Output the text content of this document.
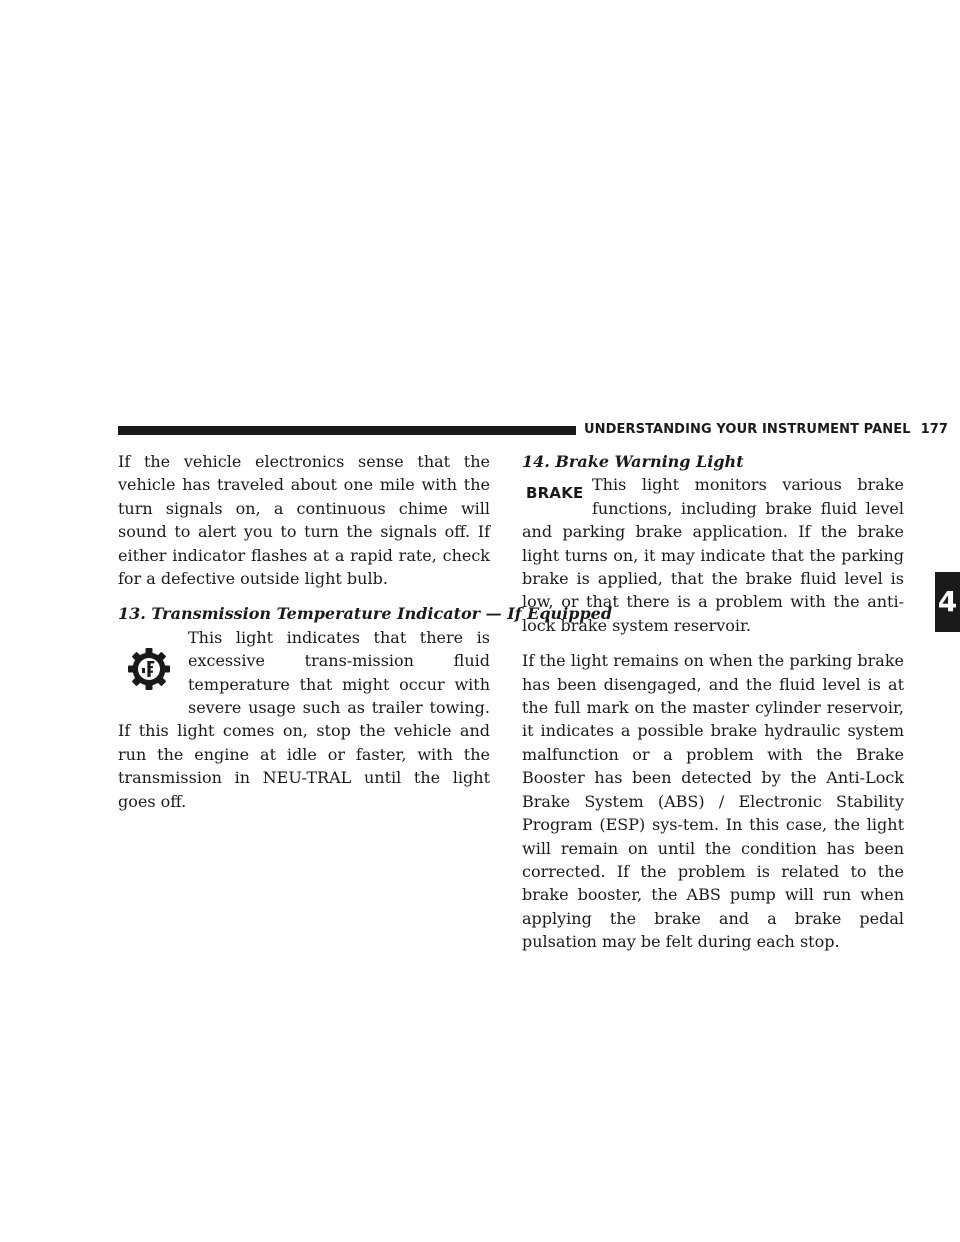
UNDERSTANDING YOUR INSTRUMENT PANEL 177
4

If the vehicle electronics sense that the vehicle has traveled about one mile with the turn signals on, a continuous chime will sound to alert you to turn the signals off. If either indicator flashes at a rapid rate, check for a defective outside light bulb.

13. Transmission Temperature Indicator — If Equipped

This light indicates that there is excessive trans-mission fluid temperature that might occur with severe usage such as trailer towing. If this light comes on, stop the vehicle and run the engine at idle or faster, with the transmission in NEU-TRAL until the light goes off.

14. Brake Warning Light

BRAKE This light monitors various brake functions, including brake fluid level and parking brake application. If the brake light turns on, it may indicate that the parking brake is applied, that the brake fluid level is low, or that there is a problem with the anti-lock brake system reservoir.

If the light remains on when the parking brake has been disengaged, and the fluid level is at the full mark on the master cylinder reservoir, it indicates a possible brake hydraulic system malfunction or a problem with the Brake Booster has been detected by the Anti-Lock Brake System (ABS) / Electronic Stability Program (ESP) sys-tem. In this case, the light will remain on until the condition has been corrected. If the problem is related to the brake booster, the ABS pump will run when applying the brake and a brake pedal pulsation may be felt during each stop.
